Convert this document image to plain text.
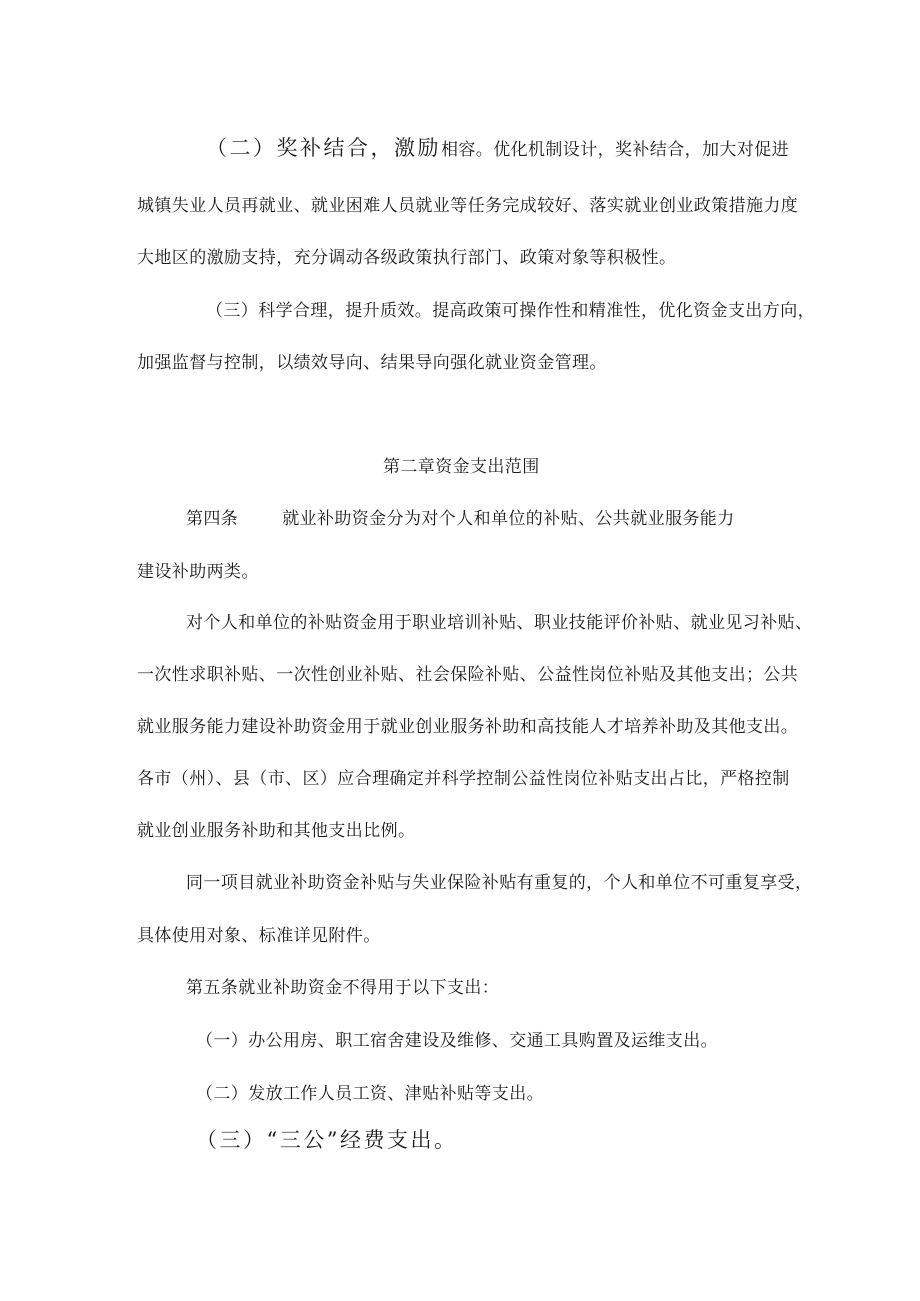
（二）奖补结合，激励相容。优化机制设计，奖补结合，加大对促进
城镇失业人员再就业、就业困难人员就业等任务完成较好、落实就业创业政策措施力度
大地区的激励支持，充分调动各级政策执行部门、政策对象等积极性。
（三）科学合理，提升质效。提高政策可操作性和精准性，优化资金支出方向，
加强监督与控制，以绩效导向、结果导向强化就业资金管理。
第二章资金支出范围
第四条	就业补助资金分为对个人和单位的补贴、公共就业服务能力
建设补助两类。
对个人和单位的补贴资金用于职业培训补贴、职业技能评价补贴、就业见习补贴、
一次性求职补贴、一次性创业补贴、社会保险补贴、公益性岗位补贴及其他支出；公共
就业服务能力建设补助资金用于就业创业服务补助和高技能人才培养补助及其他支出。
各市（州）、县（市、区）应合理确定并科学控制公益性岗位补贴支出占比，严格控制
就业创业服务补助和其他支出比例。
同一项目就业补助资金补贴与失业保险补贴有重复的，个人和单位不可重复享受，
具体使用对象、标准详见附件。
第五条就业补助资金不得用于以下支出：
（一）办公用房、职工宿舍建设及维修、交通工具购置及运维支出。
（二）发放工作人员工资、津贴补贴等支出。
（三）“三公”经费支出。
